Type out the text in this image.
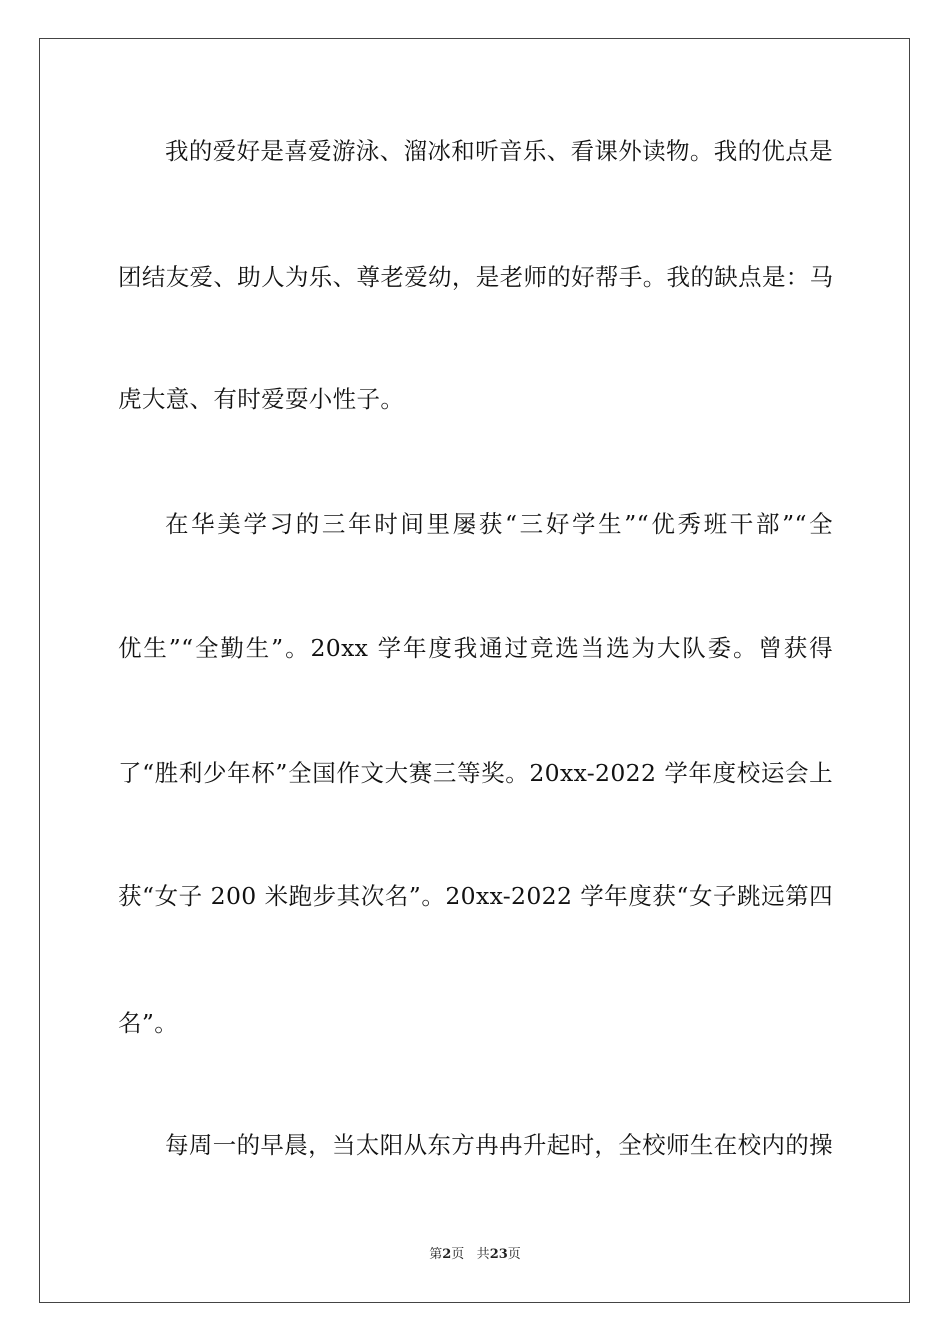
我的爱好是喜爱游泳、溜冰和听音乐、看课外读物。我的优点是
团结友爱、助人为乐、尊老爱幼，是老师的好帮手。我的缺点是：马
虎大意、有时爱耍小性子。
在华美学习的三年时间里屡获“三好学生”“优秀班干部”“全
优生”“全勤生”。20xx 学年度我通过竞选当选为大队委。曾获得
了“胜利少年杯”全国作文大赛三等奖。20xx-2022 学年度校运会上
获“女子 200 米跑步其次名”。20xx-2022 学年度获“女子跳远第四
名”。
每周一的早晨，当太阳从东方冉冉升起时，全校师生在校内的操
第2页 共23页
